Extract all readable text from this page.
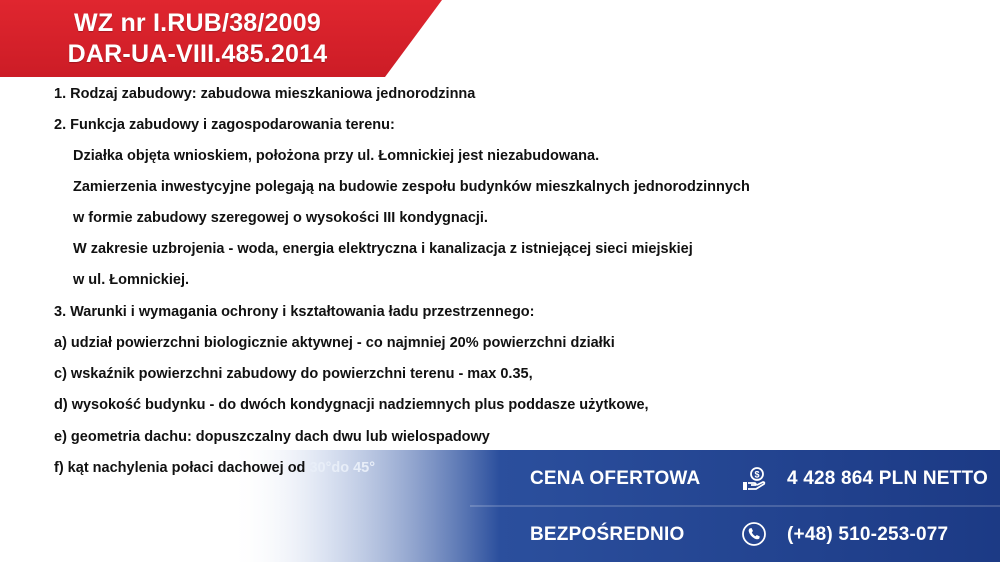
WZ nr I.RUB/38/2009
DAR-UA-VIII.485.2014
1. Rodzaj zabudowy: zabudowa mieszkaniowa jednorodzinna
2. Funkcja zabudowy i zagospodarowania terenu:
Działka objęta wnioskiem, położona przy ul. Łomnickiej jest niezabudowana.
Zamierzenia inwestycyjne polegają na budowie zespołu budynków mieszkalnych jednorodzinnych
w formie zabudowy szeregowej o wysokości III kondygnacji.
W zakresie uzbrojenia - woda, energia elektryczna i kanalizacja z istniejącej sieci miejskiej
w ul. Łomnickiej.
3. Warunki i wymagania ochrony i kształtowania ładu przestrzennego:
a) udział powierzchni biologicznie aktywnej - co najmniej 20% powierzchni działki
c) wskaźnik powierzchni zabudowy do powierzchni terenu - max 0.35,
d) wysokość budynku - do dwóch kondygnacji nadziemnych plus poddasze użytkowe,
e) geometria dachu: dopuszczalny dach dwu lub wielospadowy
f) kąt nachylenia połaci dachowej od 30°do 45°	CENA OFERTOWA	$ 4 428 864 PLN NETTO
BEZPOŚREDNIO	(+48) 510-253-077
